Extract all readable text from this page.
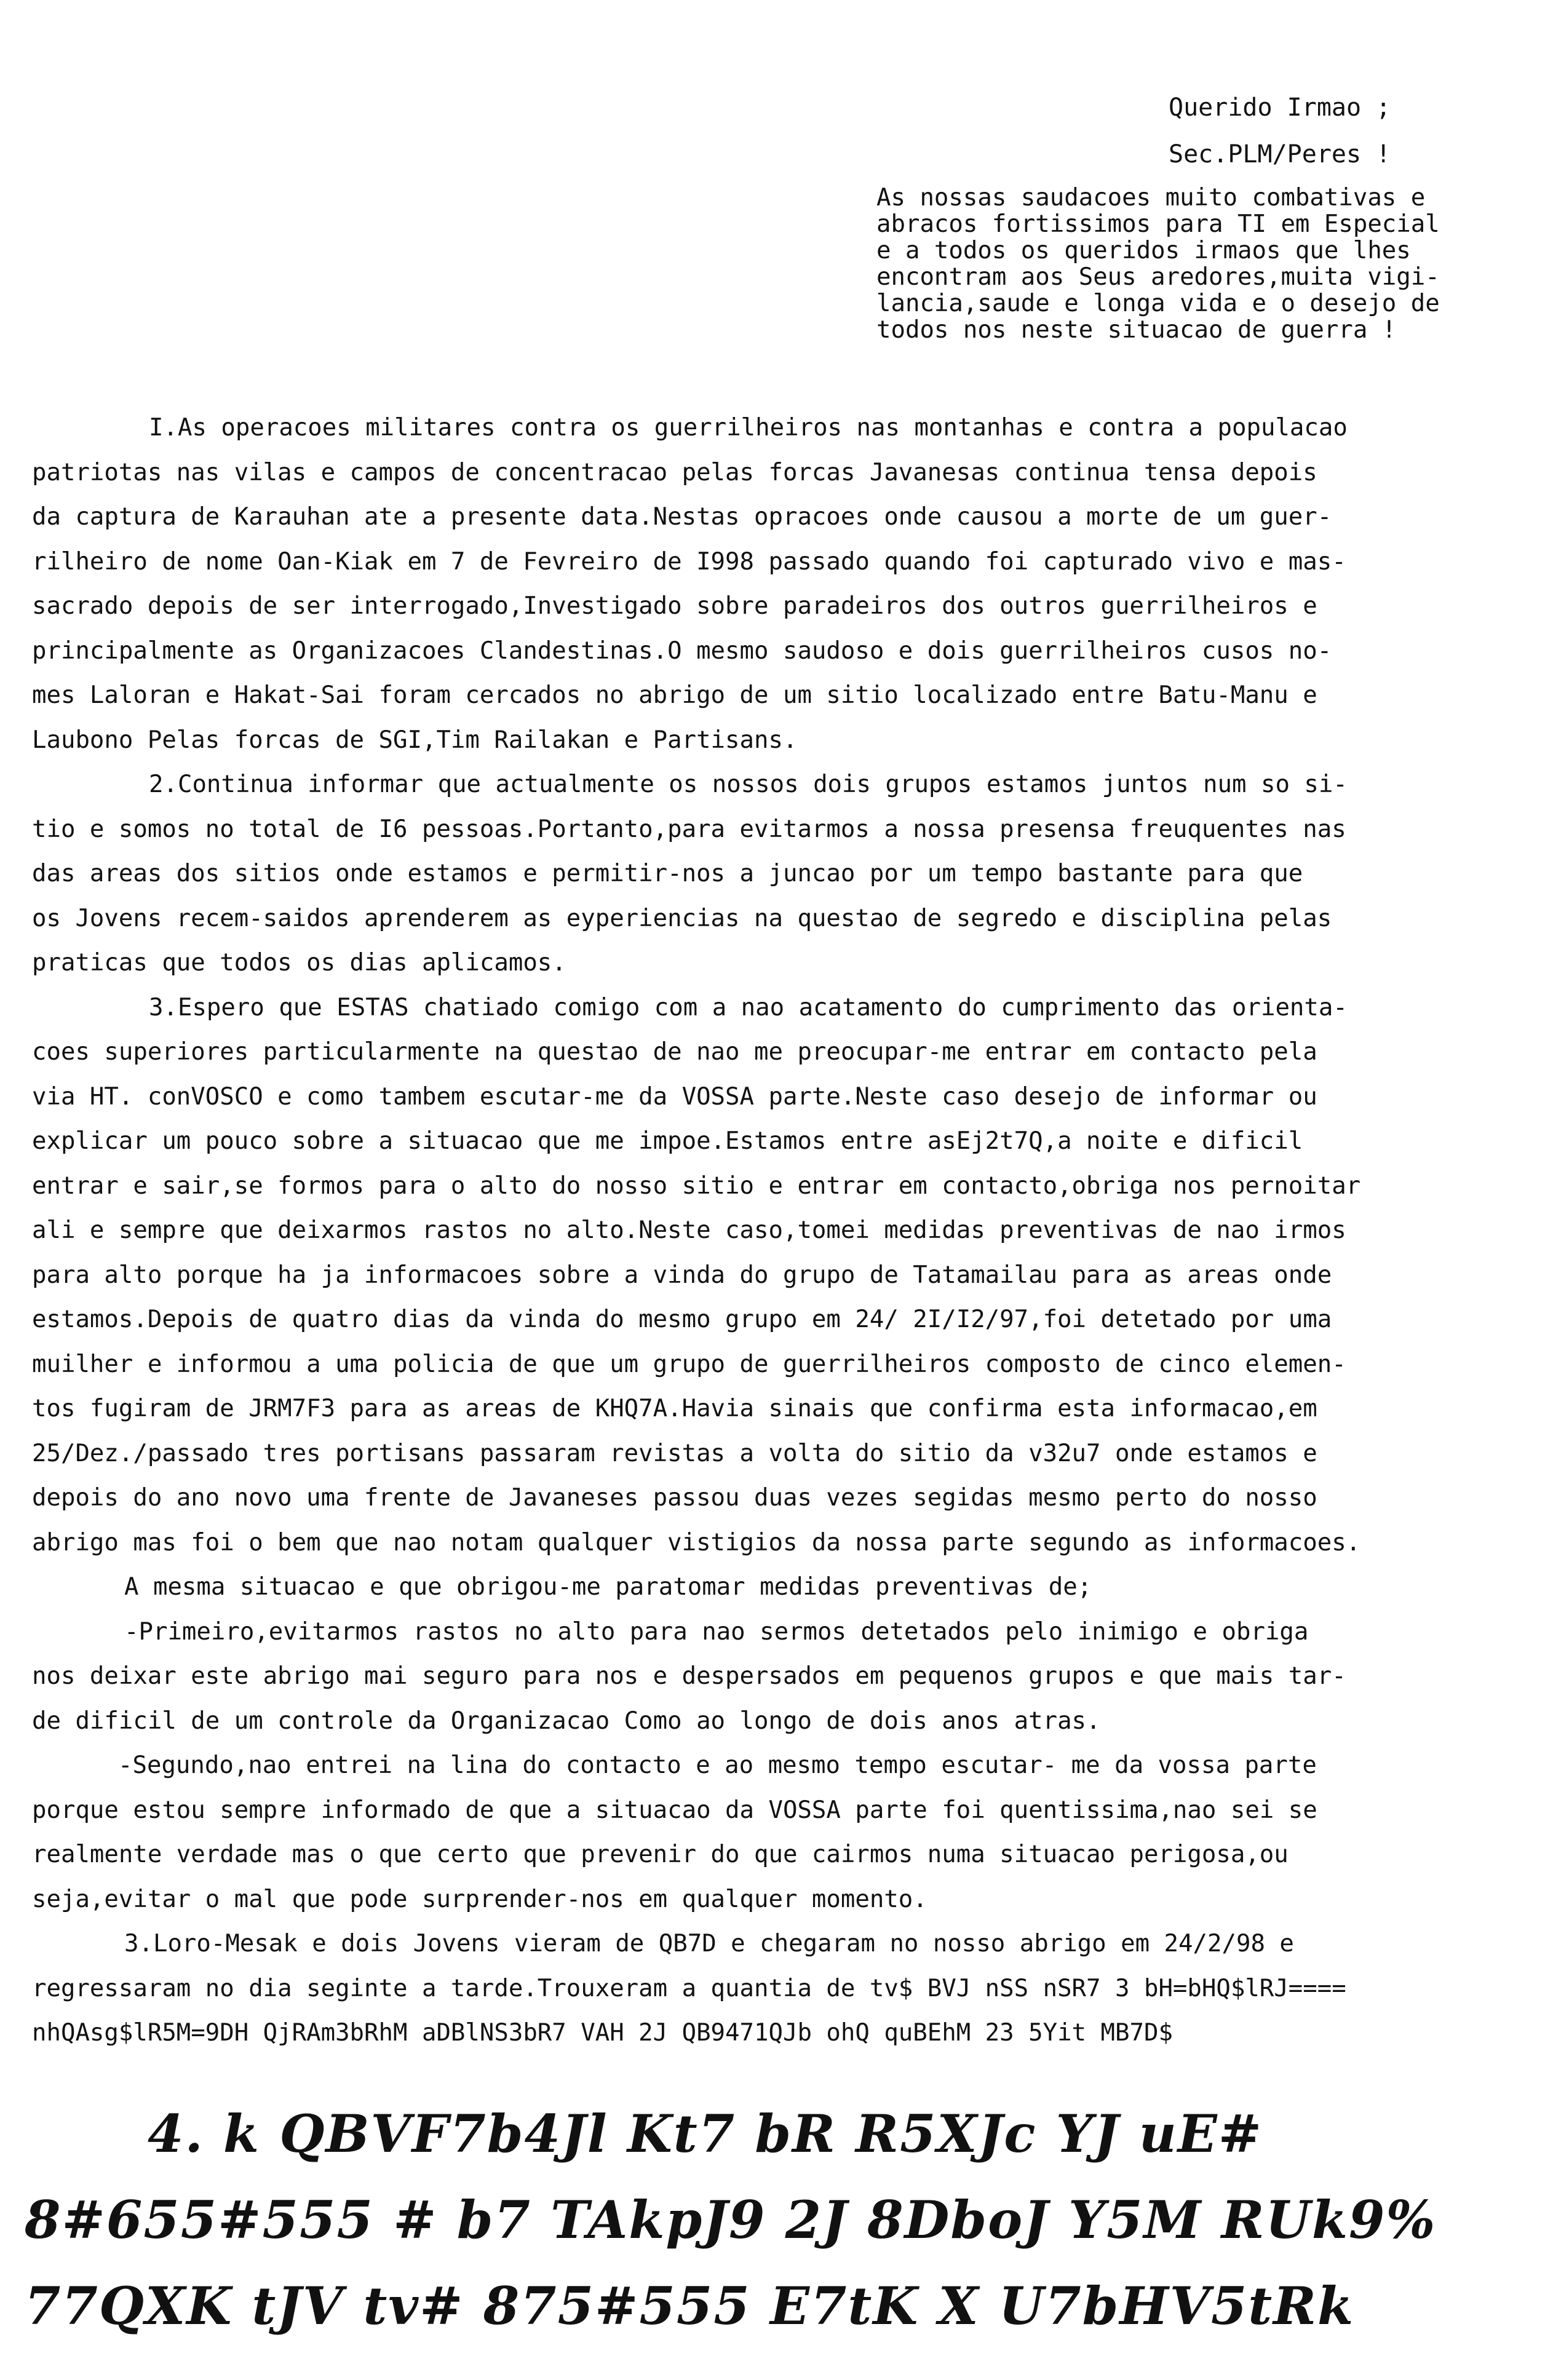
Querido Irmao ;
Sec.PLM/Peres !
As nossas saudacoes muito combativas e
abracos fortissimos para TI em Especial
e a todos os queridos irmaos que lhes
encontram aos Seus aredores,muita vigi-
lancia,saude e longa vida e o desejo de
todos nos neste situacao de guerra !
I.As operacoes militares contra os guerrilheiros nas montanhas e contra a populacao
patriotas nas vilas e campos de concentracao pelas forcas Javanesas continua tensa depois
da captura de Karauhan ate a presente data.Nestas opracoes onde causou a morte de um guer-
rilheiro de nome Oan-Kiak em 7 de Fevreiro de I998 passado quando foi capturado vivo e mas-
sacrado depois de ser interrogado,Investigado sobre paradeiros dos outros guerrilheiros e
principalmente as Organizacoes Clandestinas.O mesmo saudoso e dois guerrilheiros cusos no-
mes Laloran e Hakat-Sai foram cercados no abrigo de um sitio localizado entre Batu-Manu e
Laubono Pelas forcas de SGI,Tim Railakan e Partisans.
2.Continua informar que actualmente os nossos dois grupos estamos juntos num so si-
tio e somos no total de I6 pessoas.Portanto,para evitarmos a nossa presensa freuquentes nas
das areas dos sitios onde estamos e permitir-nos a juncao por um tempo bastante para que
os Jovens recem-saidos aprenderem as eyperiencias na questao de segredo e disciplina pelas
praticas que todos os dias aplicamos.
3.Espero que ESTAS chatiado comigo com a nao acatamento do cumprimento das orienta-
coes superiores particularmente na questao de nao me preocupar-me entrar em contacto pela
via HT. conVOSCO e como tambem escutar-me da VOSSA parte.Neste caso desejo de informar ou
explicar um pouco sobre a situacao que me impoe.Estamos entre asEj2t7Q,a noite e dificil
entrar e sair,se formos para o alto do nosso sitio e entrar em contacto,obriga nos pernoitar
ali e sempre que deixarmos rastos no alto.Neste caso,tomei medidas preventivas de nao irmos
para alto porque ha ja informacoes sobre a vinda do grupo de Tatamailau para as areas onde
estamos.Depois de quatro dias da vinda do mesmo grupo em 24/ 2I/I2/97,foi detetado por uma
muilher e informou a uma policia de que um grupo de guerrilheiros composto de cinco elemen-
tos fugiram de JRM7F3 para as areas de KHQ7A.Havia sinais que confirma esta informacao,em
25/Dez./passado tres portisans passaram revistas a volta do sitio da v32u7 onde estamos e
depois do ano novo uma frente de Javaneses passou duas vezes segidas mesmo perto do nosso
abrigo mas foi o bem que nao notam qualquer vistigios da nossa parte segundo as informacoes.
A mesma situacao e que obrigou-me paratomar medidas preventivas de;
-Primeiro,evitarmos rastos no alto para nao sermos detetados pelo inimigo e obriga
nos deixar este abrigo mai seguro para nos e despersados em pequenos grupos e que mais tar-
de dificil de um controle da Organizacao Como ao longo de dois anos atras.
-Segundo,nao entrei na lina do contacto e ao mesmo tempo escutar- me da vossa parte
porque estou sempre informado de que a situacao da VOSSA parte foi quentissima,nao sei se
realmente verdade mas o que certo que prevenir do que cairmos numa situacao perigosa,ou
seja,evitar o mal que pode surprender-nos em qualquer momento.
3.Loro-Mesak e dois Jovens vieram de QB7D e chegaram no nosso abrigo em 24/2/98 e
regressaram no dia seginte a tarde.Trouxeram a quantia de tv$ BVJ nSS nSR7 3 bH=bHQ$lRJ====
nhQAsg$lR5M=9DH QjRAm3bRhM aDBlNS3bR7 VAH 2J QB9471QJb ohQ quBEhM 23 5Yit MB7D$
4. k QBVF7b4Jl Kt7 bR R5XJc YJ uE#
8#655#555 # b7 TAkpJ9 2J 8DboJ Y5M RUk9%
77QXK tJV tv# 875#555 E7tK X U7bHV5tRk
